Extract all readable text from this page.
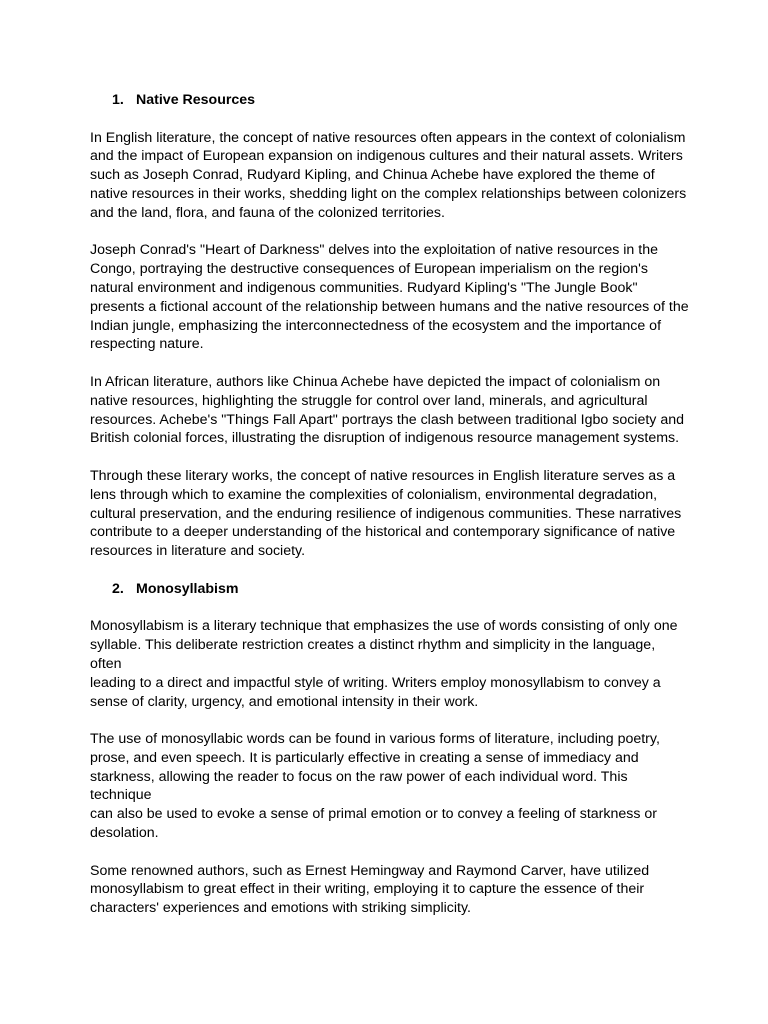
1. Native Resources

In English literature, the concept of native resources often appears in the context of colonialism
and the impact of European expansion on indigenous cultures and their natural assets. Writers
such as Joseph Conrad, Rudyard Kipling, and Chinua Achebe have explored the theme of
native resources in their works, shedding light on the complex relationships between colonizers
and the land, flora, and fauna of the colonized territories.

Joseph Conrad's "Heart of Darkness" delves into the exploitation of native resources in the
Congo, portraying the destructive consequences of European imperialism on the region's
natural environment and indigenous communities. Rudyard Kipling's "The Jungle Book"
presents a fictional account of the relationship between humans and the native resources of the
Indian jungle, emphasizing the interconnectedness of the ecosystem and the importance of
respecting nature.

In African literature, authors like Chinua Achebe have depicted the impact of colonialism on
native resources, highlighting the struggle for control over land, minerals, and agricultural
resources. Achebe's "Things Fall Apart" portrays the clash between traditional Igbo society and
British colonial forces, illustrating the disruption of indigenous resource management systems.

Through these literary works, the concept of native resources in English literature serves as a
lens through which to examine the complexities of colonialism, environmental degradation,
cultural preservation, and the enduring resilience of indigenous communities. These narratives
contribute to a deeper understanding of the historical and contemporary significance of native
resources in literature and society.

2. Monosyllabism

Monosyllabism is a literary technique that emphasizes the use of words consisting of only one
syllable. This deliberate restriction creates a distinct rhythm and simplicity in the language, often
leading to a direct and impactful style of writing. Writers employ monosyllabism to convey a
sense of clarity, urgency, and emotional intensity in their work.

The use of monosyllabic words can be found in various forms of literature, including poetry,
prose, and even speech. It is particularly effective in creating a sense of immediacy and
starkness, allowing the reader to focus on the raw power of each individual word. This technique
can also be used to evoke a sense of primal emotion or to convey a feeling of starkness or
desolation.

Some renowned authors, such as Ernest Hemingway and Raymond Carver, have utilized
monosyllabism to great effect in their writing, employing it to capture the essence of their
characters' experiences and emotions with striking simplicity.
